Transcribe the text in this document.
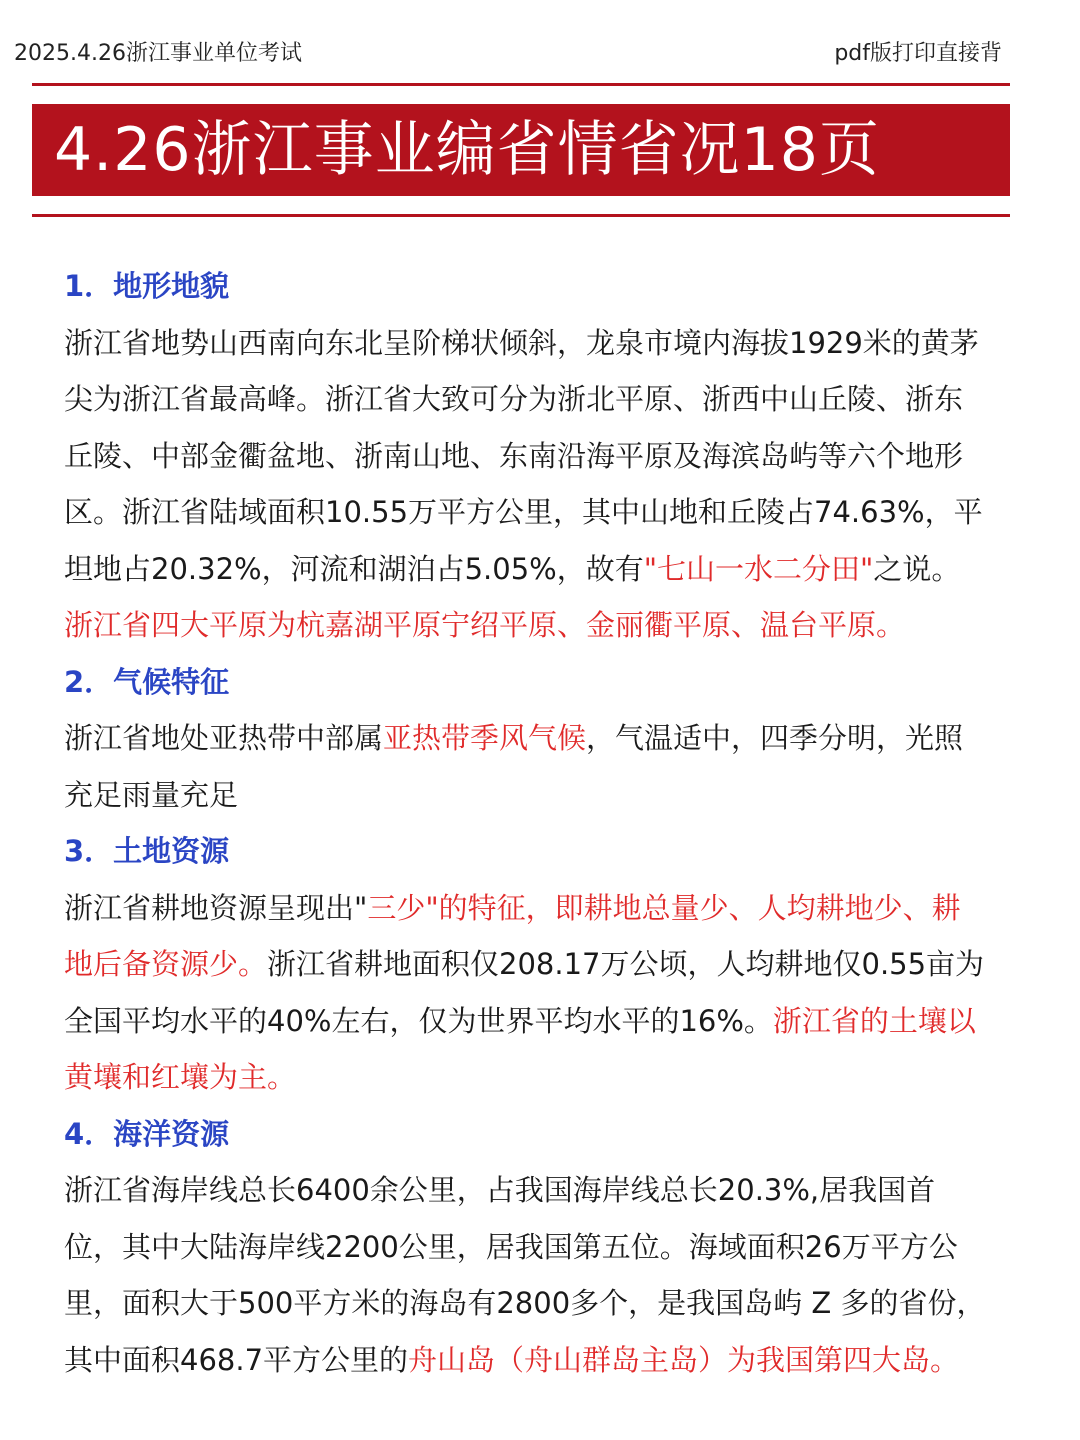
2025.4.26浙江事业单位考试	pdf版打印直接背
4.26浙江事业编省情省况18页
1．地形地貌
浙江省地势山西南向东北呈阶梯状倾斜，龙泉市境内海拔1929米的黄茅
尖为浙江省最高峰。浙江省大致可分为浙北平原、浙西中山丘陵、浙东
丘陵、中部金衢盆地、浙南山地、东南沿海平原及海滨岛屿等六个地形
区。浙江省陆域面积10.55万平方公里，其中山地和丘陵占74.63%，平
坦地占20.32%，河流和湖泊占5.05%，故有"七山一水二分田"之说。
浙江省四大平原为杭嘉湖平原宁绍平原、金丽衢平原、温台平原。
2．气候特征
浙江省地处亚热带中部属亚热带季风气候，气温适中，四季分明，光照
充足雨量充足
3．土地资源
浙江省耕地资源呈现出"三少"的特征，即耕地总量少、人均耕地少、耕
地后备资源少。浙江省耕地面积仅208.17万公顷，人均耕地仅0.55亩为
全国平均水平的40%左右，仅为世界平均水平的16%。浙江省的土壤以
黄壤和红壤为主。
4．海洋资源
浙江省海岸线总长6400余公里，占我国海岸线总长20.3%,居我国首
位，其中大陆海岸线2200公里，居我国第五位。海域面积26万平方公
里，面积大于500平方米的海岛有2800多个，是我国岛屿 Z 多的省份，
其中面积468.7平方公里的舟山岛（舟山群岛主岛）为我国第四大岛。
